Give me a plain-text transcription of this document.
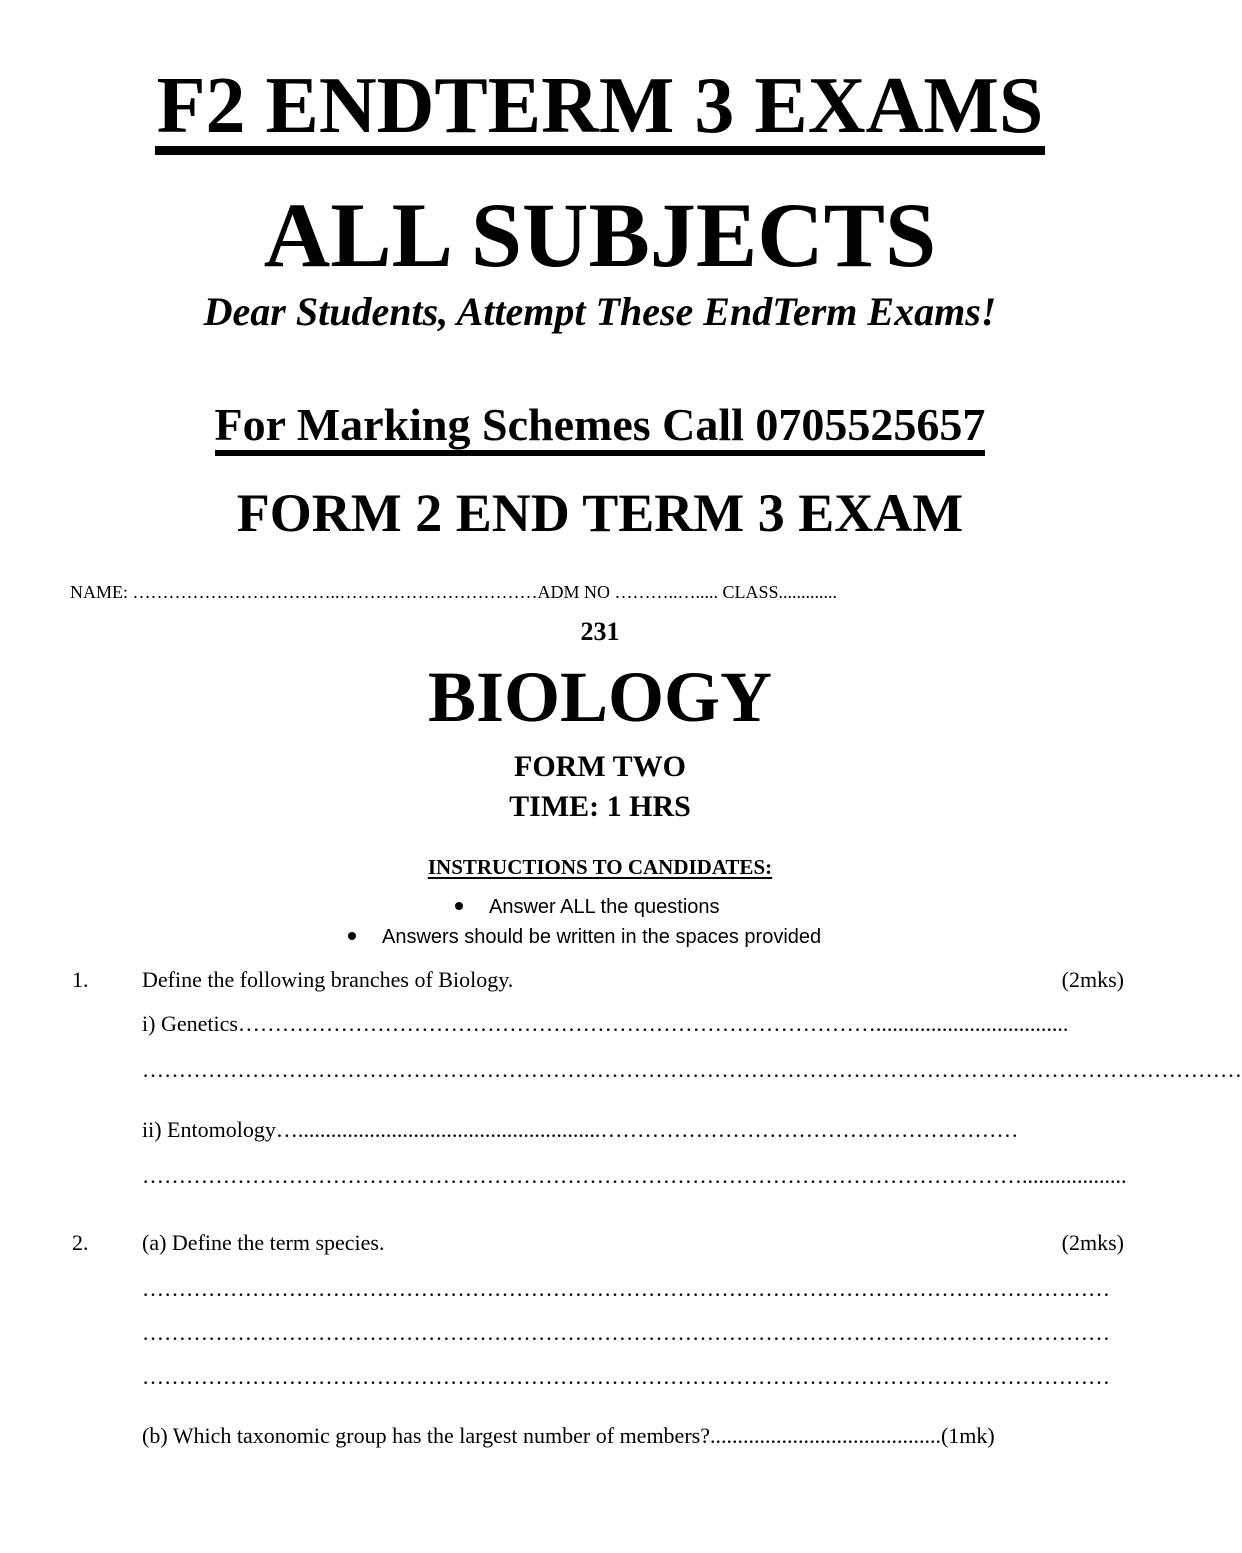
F2 ENDTERM 3 EXAMS
ALL SUBJECTS
Dear Students, Attempt These EndTerm Exams!
For Marking Schemes Call 0705525657
FORM 2 END TERM 3 EXAM
NAME: ……………………………..……………………………ADM NO ………..…..... CLASS.............
231
BIOLOGY
FORM TWO
TIME: 1 HRS
INSTRUCTIONS TO CANDIDATES:
Answer ALL the questions
Answers should be written in the spaces provided
1. Define the following branches of Biology.	(2mks)
i) Genetics……………………………………………………………………………...................................
……………………………………………………………………………………………………………………………………
ii) Entomology….......................................................…………………………………………………
…………………………………………………………………………………………………………...................
2. (a) Define the term species.	(2mks)
……………………………………………………………………………………………………………………
……………………………………………………………………………………………………………………
……………………………………………………………………………………………………………………
(b) Which taxonomic group has the largest number of members?..........................................(1mk)
